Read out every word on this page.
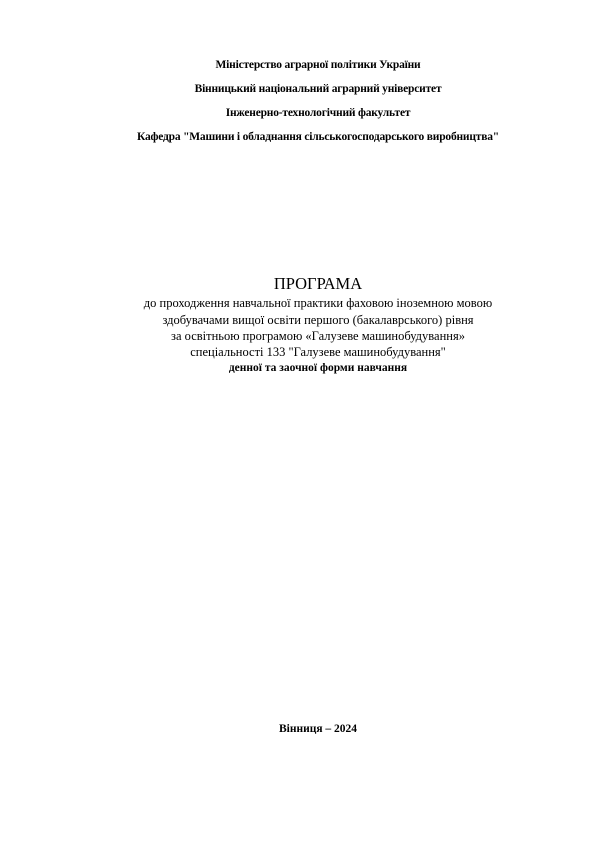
Міністерство аграрної політики України
Вінницький національний аграрний університет
Інженерно-технологічний факультет
Кафедра "Машини і обладнання сільськогосподарського виробництва"
ПРОГРАМА
до проходження навчальної практики фаховою іноземною мовою
здобувачами вищої освіти першого (бакалаврського) рівня
за освітньою програмою «Галузеве машинобудування»
спеціальності 133 "Галузеве машинобудування"
денної та заочної форми навчання
Вінниця – 2024
